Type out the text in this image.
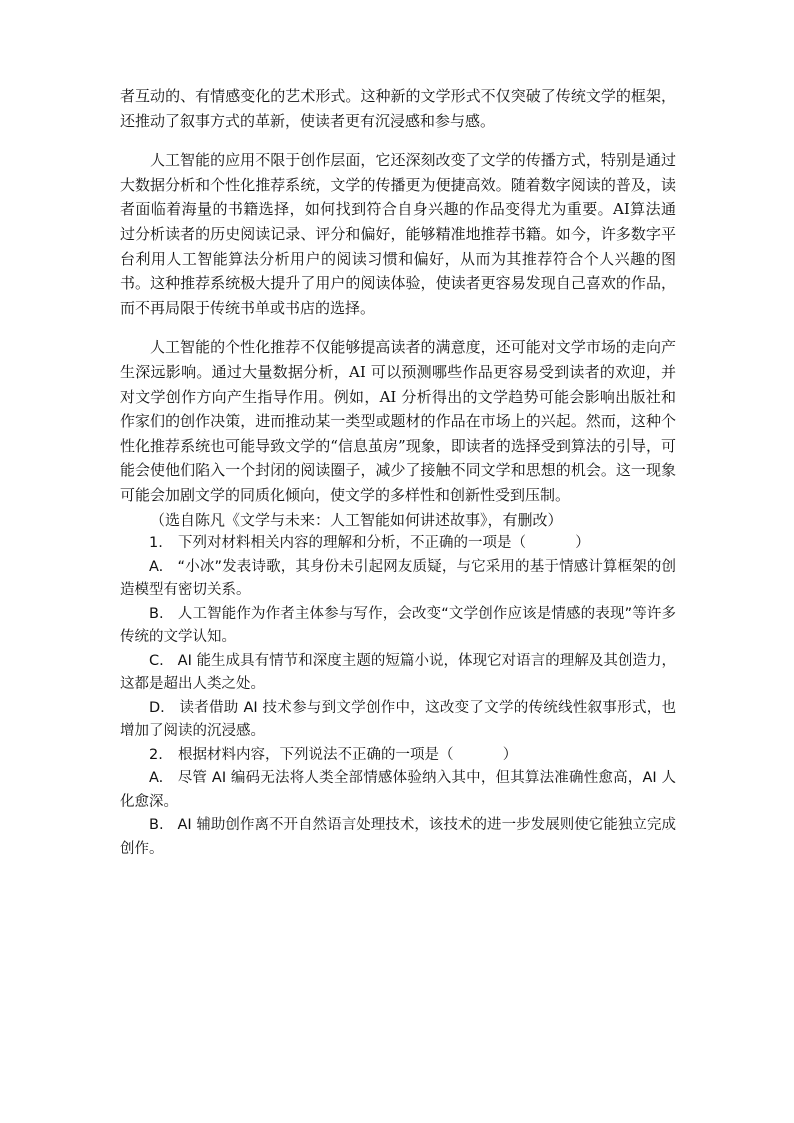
者互动的、有情感变化的艺术形式。这种新的文学形式不仅突破了传统文学的框架，还推动了叙事方式的革新，使读者更有沉浸感和参与感。

人工智能的应用不限于创作层面，它还深刻改变了文学的传播方式，特别是通过大数据分析和个性化推荐系统，文学的传播更为便捷高效。随着数字阅读的普及，读者面临着海量的书籍选择，如何找到符合自身兴趣的作品变得尤为重要。AI算法通过分析读者的历史阅读记录、评分和偏好，能够精准地推荐书籍。如今，许多数字平台利用人工智能算法分析用户的阅读习惯和偏好，从而为其推荐符合个人兴趣的图书。这种推荐系统极大提升了用户的阅读体验，使读者更容易发现自己喜欢的作品，而不再局限于传统书单或书店的选择。

人工智能的个性化推荐不仅能够提高读者的满意度，还可能对文学市场的走向产生深远影响。通过大量数据分析，AI 可以预测哪些作品更容易受到读者的欢迎，并对文学创作方向产生指导作用。例如，AI 分析得出的文学趋势可能会影响出版社和作家们的创作决策，进而推动某一类型或题材的作品在市场上的兴起。然而，这种个性化推荐系统也可能导致文学的“信息茧房”现象，即读者的选择受到算法的引导，可能会使他们陷入一个封闭的阅读圈子，减少了接触不同文学和思想的机会。这一现象可能会加剧文学的同质化倾向，使文学的多样性和创新性受到压制。

（选自陈凡《文学与未来：人工智能如何讲述故事》，有删改）

1. 下列对材料相关内容的理解和分析，不正确的一项是（	）

A. “小冰”发表诗歌，其身份未引起网友质疑，与它采用的基于情感计算框架的创造模型有密切关系。

B. 人工智能作为作者主体参与写作，会改变“文学创作应该是情感的表现”等许多传统的文学认知。

C. AI 能生成具有情节和深度主题的短篇小说，体现它对语言的理解及其创造力，这都是超出人类之处。

D. 读者借助 AI 技术参与到文学创作中，这改变了文学的传统线性叙事形式，也增加了阅读的沉浸感。

2. 根据材料内容，下列说法不正确的一项是（	）

A. 尽管 AI 编码无法将人类全部情感体验纳入其中，但其算法准确性愈高，AI 人化愈深。

B. AI 辅助创作离不开自然语言处理技术，该技术的进一步发展则使它能独立完成创作。
